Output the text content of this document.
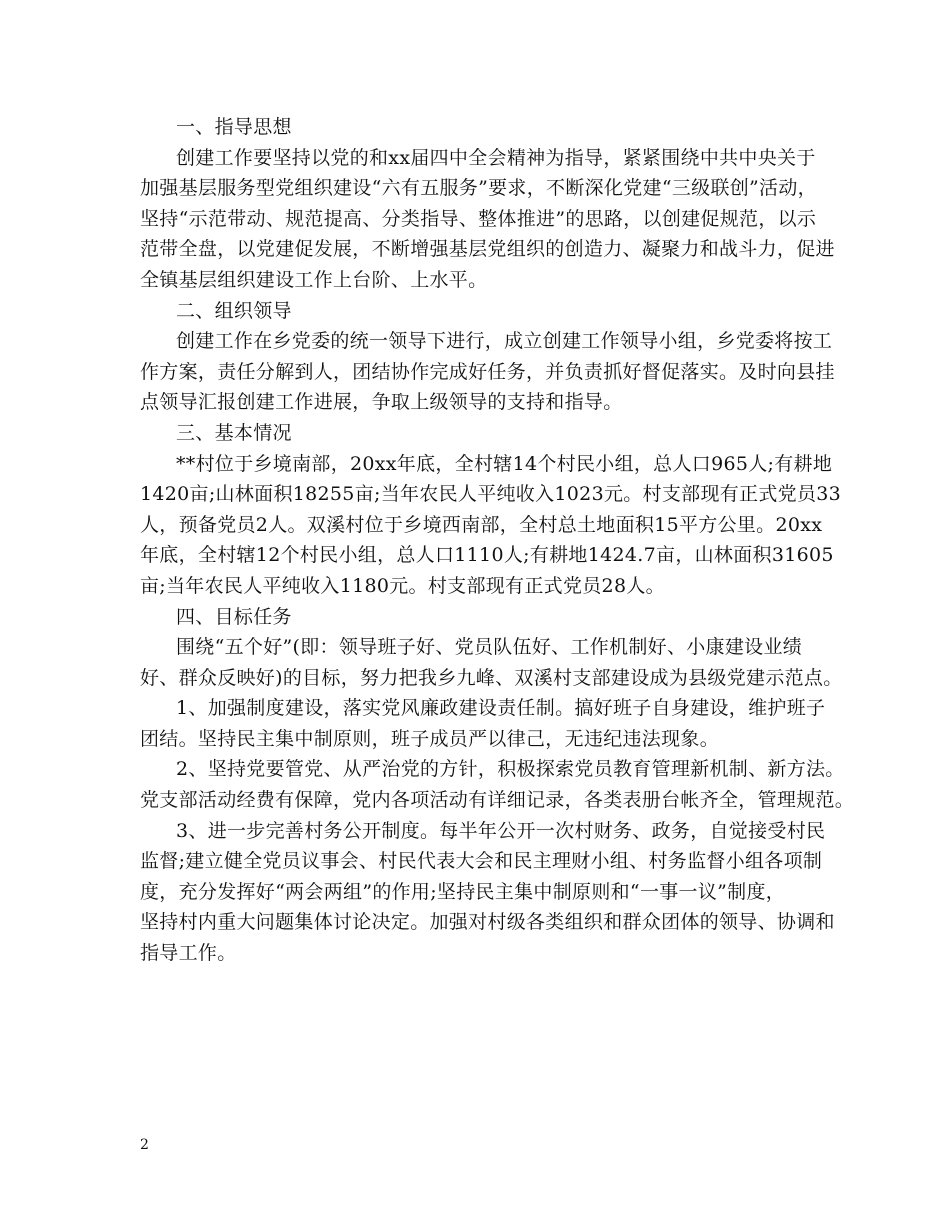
一、指导思想
创建工作要坚持以党的和xx届四中全会精神为指导，紧紧围绕中共中央关于
加强基层服务型党组织建设“六有五服务”要求，不断深化党建“三级联创”活动，
坚持“示范带动、规范提高、分类指导、整体推进”的思路，以创建促规范，以示
范带全盘，以党建促发展，不断增强基层党组织的创造力、凝聚力和战斗力，促进
全镇基层组织建设工作上台阶、上水平。
二、组织领导
创建工作在乡党委的统一领导下进行，成立创建工作领导小组，乡党委将按工
作方案，责任分解到人，团结协作完成好任务，并负责抓好督促落实。及时向县挂
点领导汇报创建工作进展，争取上级领导的支持和指导。
三、基本情况
**村位于乡境南部，20xx年底，全村辖14个村民小组，总人口965人;有耕地
1420亩;山林面积18255亩;当年农民人平纯收入1023元。村支部现有正式党员33
人，预备党员2人。双溪村位于乡境西南部，全村总土地面积15平方公里。20xx
年底，全村辖12个村民小组，总人口1110人;有耕地1424.7亩，山林面积31605
亩;当年农民人平纯收入1180元。村支部现有正式党员28人。
四、目标任务
围绕“五个好”(即：领导班子好、党员队伍好、工作机制好、小康建设业绩
好、群众反映好)的目标，努力把我乡九峰、双溪村支部建设成为县级党建示范点。
1、加强制度建设，落实党风廉政建设责任制。搞好班子自身建设，维护班子
团结。坚持民主集中制原则，班子成员严以律己，无违纪违法现象。
2、坚持党要管党、从严治党的方针，积极探索党员教育管理新机制、新方法。
党支部活动经费有保障，党内各项活动有详细记录，各类表册台帐齐全，管理规范。
3、进一步完善村务公开制度。每半年公开一次村财务、政务，自觉接受村民
监督;建立健全党员议事会、村民代表大会和民主理财小组、村务监督小组各项制
度，充分发挥好“两会两组”的作用;坚持民主集中制原则和“一事一议”制度，
坚持村内重大问题集体讨论决定。加强对村级各类组织和群众团体的领导、协调和
指导工作。
2
